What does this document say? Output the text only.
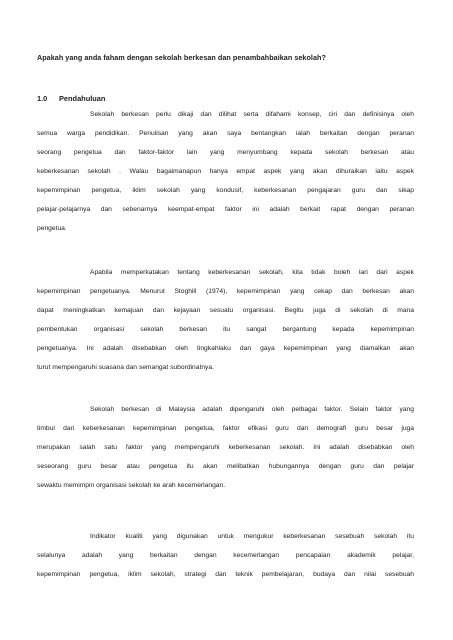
Apakah yang anda faham dengan sekolah berkesan dan penambahbaikan sekolah?
1.0 Pendahuluan
Sekolah berkesan perlu dikaji dan dilihat serta difahami konsep, ciri dan definisinya oleh
semua warga pendidikan. Penulisan yang akan saya bentangkan ialah berkaitan dengan peranan
seorang pengetua dan faktor-faktor lain yang menyumbang kepada sekolah berkesan atau
keberkesanan sekolah . Walau bagaimanapun hanya empat aspek yang akan dihuraikan iaitu aspek
kepemimpinan pengetua, iklim sekolah yang kondusif, keberkesanan pengajaran guru dan sikap
pelajar-pelajarnya dan sebenarnya keempat-empat faktor ini adalah berkait rapat dengan peranan
pengetua.
Apabila memperkatakan tentang keberkesanan sekolah, kita tidak boleh lari dari aspek
kepemimpinan pengetuanya. Menurut Stoghill (1974), kepemimpinan yang cekap dan berkesan akan
dapat meningkatkan kemajuan dan kejayaan sesuatu organisasi. Begitu juga di sekolah di mana
pembentukan organisasi sekolah berkesan itu sangat bergantung kepada kepemimpinan
pengetuanya. Ini adalah disebabkan oleh tingkahlaku dan gaya kepemimpinan yang diamalkan akan
turut mempengaruhi suasana dan semangat subordinatnya.
Sekolah berkesan di Malaysia adalah dipengaruhi oleh pelbagai faktor. Selain faktor yang
timbul dari keberkesanan kepemimpinan pengetua, faktor efikasi guru dan demografi guru besar juga
merupakan salah satu faktor yang mempengaruhi keberkesanan sekolah. Ini adalah disebabkan oleh
seseorang guru besar atau pengetua itu akan melibatkan hubungannya dengan guru dan pelajar
sewaktu memimpin organisasi sekolah ke arah kecemerlangan.
Indikator kualiti yang digunakan untuk mengukur keberkesanan sesebuah sekolah itu
selalunya adalah yang berkaitan dengan kecemerlangan pencapaian akademik pelajar,
kepemimpinan pengetua, iklim sekolah, strategi dan teknik pembelajaran, budaya dan nilai sesebuah
